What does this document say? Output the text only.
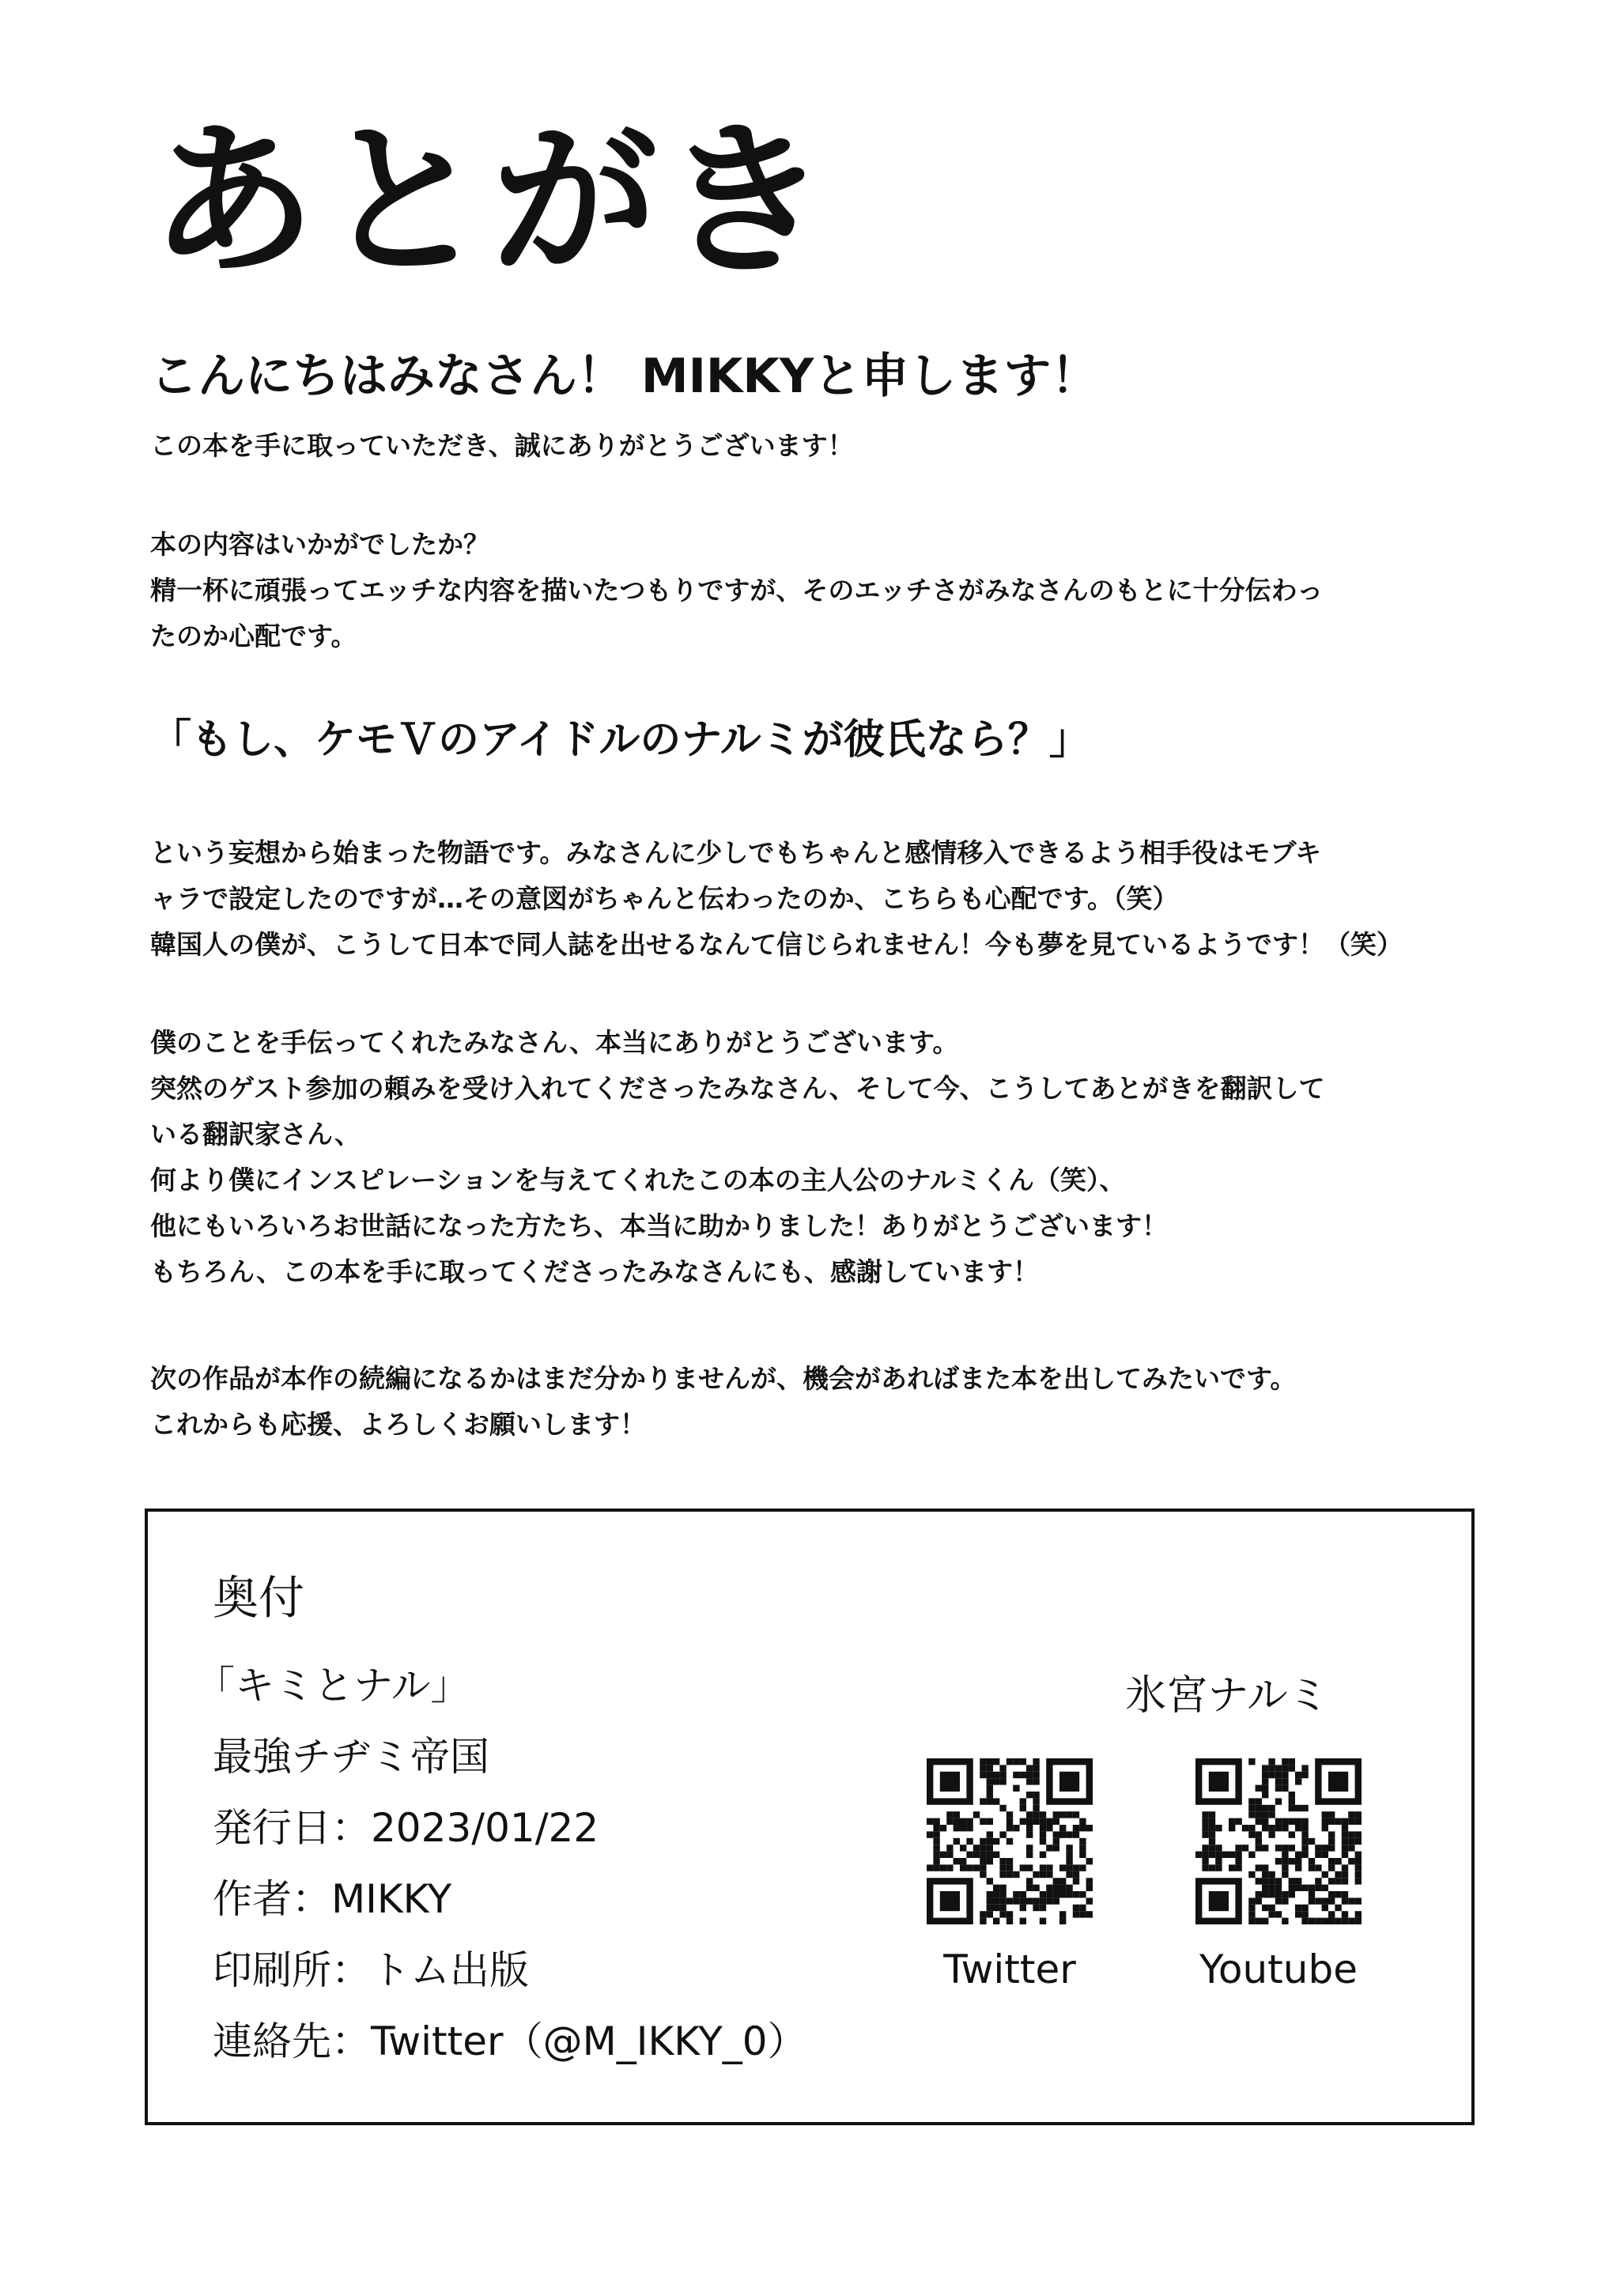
あとがき
こんにちはみなさん！ MIKKYと申します！

この本を手に取っていただき、誠にありがとうございます！

本の内容はいかがでしたか？
精一杯に頑張ってエッチな内容を描いたつもりですが、そのエッチさがみなさんのもとに十分伝わっ
たのか心配です。

「もし、ケモＶのアイドルのナルミが彼氏なら？」

という妄想から始まった物語です。みなさんに少しでもちゃんと感情移入できるよう相手役はモブキ
ャラで設定したのですが…その意図がちゃんと伝わったのか、こちらも心配です。（笑）
韓国人の僕が、こうして日本で同人誌を出せるなんて信じられません！今も夢を見ているようです！（笑）

僕のことを手伝ってくれたみなさん、本当にありがとうございます。
突然のゲスト参加の頼みを受け入れてくださったみなさん、そして今、こうしてあとがきを翻訳して
いる翻訳家さん、
何より僕にインスピレーションを与えてくれたこの本の主人公のナルミくん（笑）、
他にもいろいろお世話になった方たち、本当に助かりました！ありがとうございます！
もちろん、この本を手に取ってくださったみなさんにも、感謝しています！

次の作品が本作の続編になるかはまだ分かりませんが、機会があればまた本を出してみたいです。
これからも応援、よろしくお願いします！

奥付

「キミとナル」

最強チヂミ帝国

発行日：2023/01/22

作者：MIKKY

印刷所：トム出版

連絡先：Twitter（@M_IKKY_0）

氷宮ナルミ

Twitter	Youtube
